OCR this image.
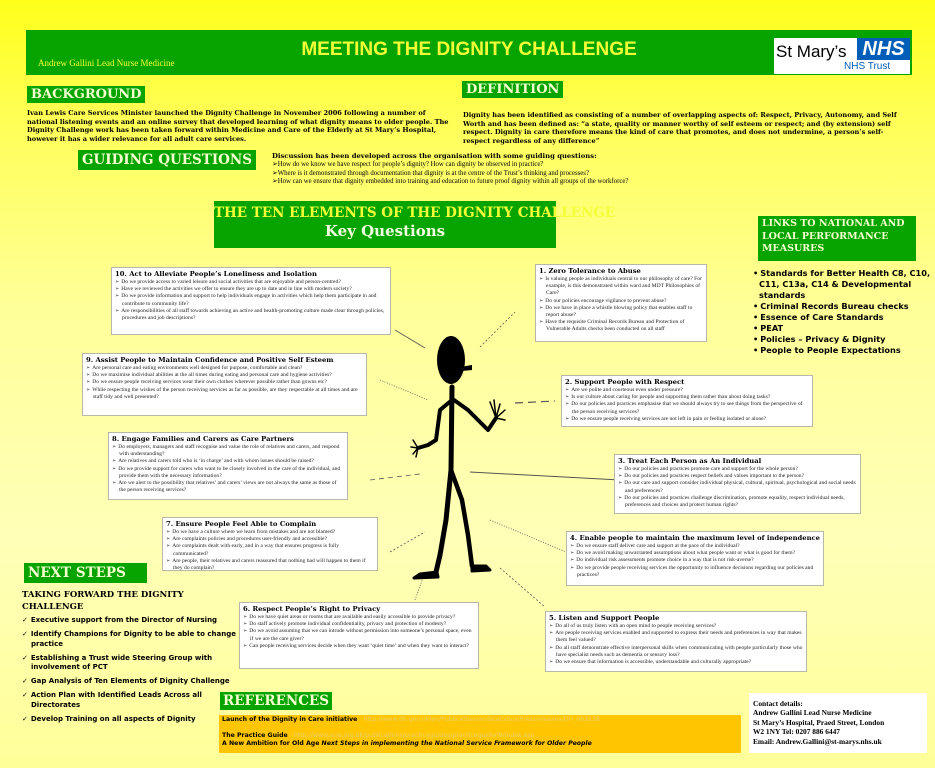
MEETING THE DIGNITY CHALLENGE
Andrew Gallini Lead Nurse Medicine
St Mary’s NHS
NHS Trust
BACKGROUND
Ivan Lewis Care Services Minister launched the Dignity Challenge in November 2006 following a number of national listening events and an online survey that developed learning of what dignity means to older people. The Dignity Challenge work has been taken forward within Medicine and Care of the Elderly at St Mary’s Hospital, however it has a wider relevance for all adult care services.
DEFINITION
Dignity has been identified as consisting of a number of overlapping aspects of: Respect, Privacy, Autonomy, and Self Worth and has been defined as: “a state, quality or manner worthy of self esteem or respect; and (by extension) self respect. Dignity in care therefore means the kind of care that promotes, and does not undermine, a person’s self-respect regardless of any difference”
GUIDING QUESTIONS	Discussion has been developed across the organisation with some guiding questions:
➢How do we know we have respect for people’s dignity? How can dignity be observed in practice?
➢Where is it demonstrated through documentation that dignity is at the centre of the Trust’s thinking and processes?
➢How can we ensure that dignity embedded into training and education to future proof dignity within all groups of the workforce?
THE TEN ELEMENTS OF THE DIGNITY CHALLENGE
Key Questions
10. Act to Alleviate People’s Loneliness and Isolation
➢ Do we provide access to varied leisure and social activities that are enjoyable and person-centred?
➢ Have we reviewed the activities we offer to ensure they are up to date and in line with modern society?
➢ Do we provide information and support to help individuals engage in activities which help them participate in and contribute to community life?
➢ Are responsibilities of all staff towards achieving an active and health-promoting culture made clear through policies, procedures and job descriptions?
1. Zero Tolerance to Abuse
➢ Is valuing people as individuals central to our philosophy of care? For example, is this demonstrated within ward and MDT Philosophies of Care?
➢ Do our policies encourage vigilance to prevent abuse?
➢ Do we have in place a whistle blowing policy that enables staff to report abuse?
➢ Have the requisite Criminal Records Bureau and Protection of Vulnerable Adults checks been conducted on all staff
9. Assist People to Maintain Confidence and Positive Self Esteem
➢ Are personal care and eating environments well designed for purpose, comfortable and clean?
➢ Do we maximise individual abilities at the all times during eating and personal care and hygiene activities?
➢ Do we ensure people receiving services wear their own clothes wherever possible rather than gowns etc?
➢ While respecting the wishes of the person receiving services as far as possible, are they respectable at all times and are staff tidy and well presented?
2. Support People with Respect
➢ Are we polite and courteous even under pressure?
➢ Is our culture about caring for people and supporting them rather than about doing tasks?
➢ Do our policies and practices emphasise that we should always try to see things from the perspective of the person receiving services?
➢ Do we ensure people receiving services are not left in pain or feeling isolated or alone?
8. Engage Families and Carers as Care Partners
➢ Do employers, managers and staff recognise and value the role of relatives and carers, and respond with understanding?
➢ Are relatives and carers told who is ‘in charge’ and with whom issues should be raised?
➢ Do we provide support for carers who want to be closely involved in the care of the individual, and provide them with the necessary information?
➢ Are we alert to the possibility that relatives’ and carers’ views are not always the same as those of the person receiving services?
3. Treat Each Person as An Individual
➢ Do our policies and practices promote care and support for the whole person?
➢ Do our policies and practices respect beliefs and values important to the person?
➢ Do our care and support consider individual physical, cultural, spiritual, psychological and social needs and preferences?
➢ Do our policies and practices challenge discrimination, promote equality, respect individual needs, preferences and choices and protect human rights?
7. Ensure People Feel Able to Complain
➢ Do we have a culture where we learn from mistakes and are not blamed?
➢ Are complaints policies and procedures user-friendly and accessible?
➢ Are complaints dealt with early, and in a way that ensures progress is fully communicated?
➢ Are people, their relatives and carers reassured that nothing bad will happen to them if they do complain?
4. Enable people to maintain the maximum level of independence
➢ Do we ensure staff deliver care and support at the pace of the individual?
➢ Do we avoid making unwarranted assumptions about what people want or what is good for them?
➢ Do individual risk assessments promote choice in a way that is not risk-averse?
➢ Do we provide people receiving services the opportunity to influence decisions regarding our policies and practices?
6. Respect People’s Right to Privacy
➢ Do we have quiet areas or rooms that are available and easily accessible to provide privacy?
➢ Do staff actively promote individual confidentiality, privacy and protection of modesty?
➢ Do we avoid assuming that we can intrude without permission into someone’s personal space, even if we are the care giver?
➢ Can people receiving services decide when they want ‘quiet time’ and when they want to interact?
5. Listen and Support People
➢ Do all of us truly listen with an open mind to people receiving services?
➢ Are people receiving services enabled and supported to express their needs and preferences in way that makes them feel valued?
➢ Do all staff demonstrate effective interpersonal skills when communicating with people particularly those who have specialist needs such as dementia or sensory loss?
➢ Do we ensure that information is accessible, understandable and culturally appropriate?
LINKS TO NATIONAL AND LOCAL PERFORMANCE MEASURES
• Standards for Better Health C8, C10, C11, C13a, C14 & Developmental standards
• Criminal Records Bureau checks
• Essence of Care Standards
• PEAT
• Policies – Privacy & Dignity
• People to People Expectations
NEXT STEPS
TAKING FORWARD THE DIGNITY CHALLENGE
✓ Executive support from the Director of Nursing
✓ Identify Champions for Dignity to be able to change practice
✓ Establishing a Trust wide Steering Group with involvement of PCT
✓ Gap Analysis of Ten Elements of Dignity Challenge
✓ Action Plan with Identified Leads Across all Directorates
✓ Develop Training on all aspects of Dignity
REFERENCES
Launch of the Dignity in Care initiative http://www.dh.gov.uk/en/Publicationsandstatistics/Pressreleases/DH_063138
The Practice Guide http://www.scie.org.uk/publications/practiceguides/practiceguide09/index.asp
A New Ambition for Old Age Next Steps in implementing the National Service Framework for Older People
Contact details:
Andrew Gallini Lead Nurse Medicine
St Mary’s Hospital, Praed Street, London
W2 1NY Tel: 0207 886 6447
Email: Andrew.Gallini@st-marys.nhs.uk
